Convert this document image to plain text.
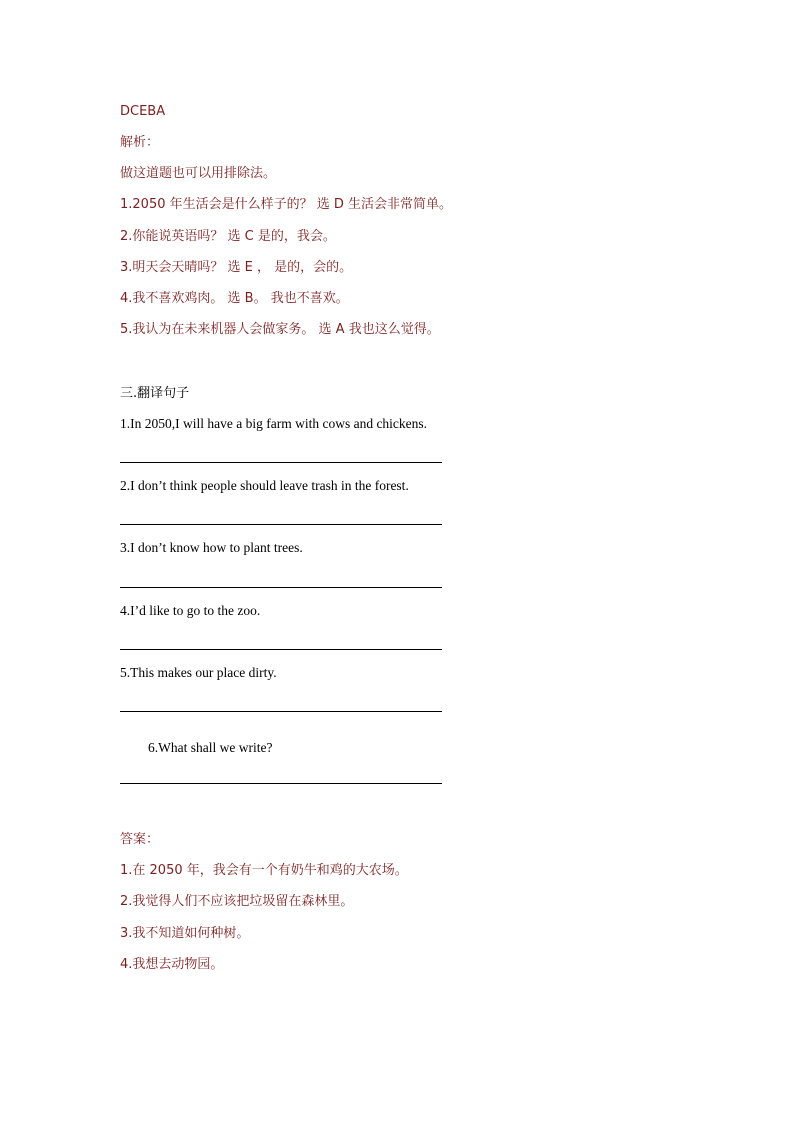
DCEBA
解析：
做这道题也可以用排除法。
1.2050 年生活会是什么样子的？ 选 D 生活会非常简单。
2.你能说英语吗？ 选 C 是的，我会。
3.明天会天晴吗？ 选 E ， 是的，会的。
4.我不喜欢鸡肉。 选 B。 我也不喜欢。
5.我认为在未来机器人会做家务。 选 A 我也这么觉得。
三.翻译句子
1.In 2050,I will have a big farm with cows and chickens.
2.I don’t think people should leave trash in the forest.
3.I don’t know how to plant trees.
4.I’d like to go to the zoo.
5.This makes our place dirty.
6.What shall we write?
答案：
1.在 2050 年，我会有一个有奶牛和鸡的大农场。
2.我觉得人们不应该把垃圾留在森林里。
3.我不知道如何种树。
4.我想去动物园。
